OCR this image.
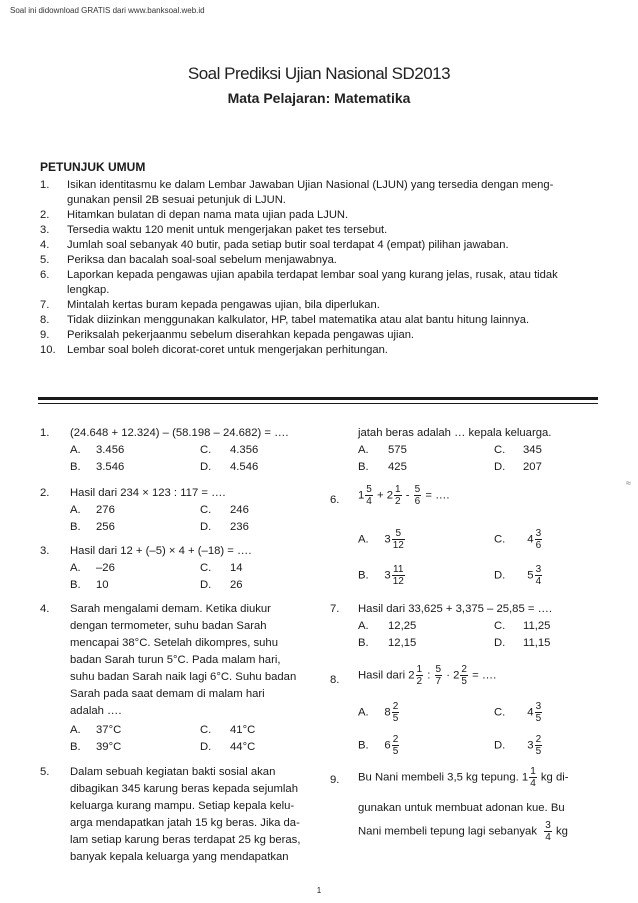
Soal ini didownload GRATIS dari www.banksoal.web.id
Soal Prediksi Ujian Nasional SD2013
Mata Pelajaran: Matematika
PETUNJUK UMUM
1.	Isikan identitasmu ke dalam Lembar Jawaban Ujian Nasional (LJUN) yang tersedia dengan meng-
gunakan pensil 2B sesuai petunjuk di LJUN.
2.	Hitamkan bulatan di depan nama mata ujian pada LJUN.
3.	Tersedia waktu 120 menit untuk mengerjakan paket tes tersebut.
4.	Jumlah soal sebanyak 40 butir, pada setiap butir soal terdapat 4 (empat) pilihan jawaban.
5.	Periksa dan bacalah soal-soal sebelum menjawabnya.
6.	Laporkan kepada pengawas ujian apabila terdapat lembar soal yang kurang jelas, rusak, atau tidak
lengkap.
7.	Mintalah kertas buram kepada pengawas ujian, bila diperlukan.
8.	Tidak diizinkan menggunakan kalkulator, HP, tabel matematika atau alat bantu hitung lainnya.
9.	Periksalah pekerjaanmu sebelum diserahkan kepada pengawas ujian.
10.	Lembar soal boleh dicorat-coret untuk mengerjakan perhitungan.
1. (24.648 + 12.324) – (58.198 – 24.682) = ….
A. 3.456
B. 3.546
C. 4.356
D. 4.546
2. Hasil dari 234 × 123 : 117 = ….
A. 276
B. 256
C. 246
D. 236
3. Hasil dari 12 + (–5) × 4 + (–18) = ….
A. –26
B. 10
C. 14
D. 26
4. Sarah mengalami demam. Ketika diukur
dengan termometer, suhu badan Sarah
mencapai 38°C. Setelah dikompres, suhu
badan Sarah turun 5°C. Pada malam hari,
suhu badan Sarah naik lagi 6°C. Suhu badan
Sarah pada saat demam di malam hari
adalah ….
A. 37°C
B. 39°C
C. 41°C
D. 44°C
5. Dalam sebuah kegiatan bakti sosial akan
dibagikan 345 karung beras kepada sejumlah
keluarga kurang mampu. Setiap kepala kelu-
arga mendapatkan jatah 15 kg beras. Jika da-
lam setiap karung beras terdapat 25 kg beras,
banyak kepala keluarga yang mendapatkan
jatah beras adalah … kepala keluarga.
A. 575
B. 425
C. 345
D. 207
6. $1 \frac{5}{4} + 2 \frac{1}{2} - \frac{5}{6}$ = ….
A. $3 \frac{5}{12}$	C. $4 \frac{3}{6}$
B. $3 \frac{11}{12}$	D. $5 \frac{3}{4}$
7. Hasil dari 33,625 + 3,375 – 25,85 = ….
A. 12,25
B. 12,15
C. 11,25
D. 11,15
8. Hasil dari $2 \frac{1}{2}$ : $\frac{5}{7} \cdot 2 \frac{2}{5}$ = ….
A. $8 \frac{2}{5}$	C. $4 \frac{3}{5}$
B. $6 \frac{2}{5}$	D. $3 \frac{2}{5}$
9. Bu Nani membeli 3,5 kg tepung. $1 \frac{1}{4}$ kg di-
gunakan untuk membuat adonan kue. Bu
Nani membeli tepung lagi sebanyak $\frac{3}{4}$ kg
1
≈
